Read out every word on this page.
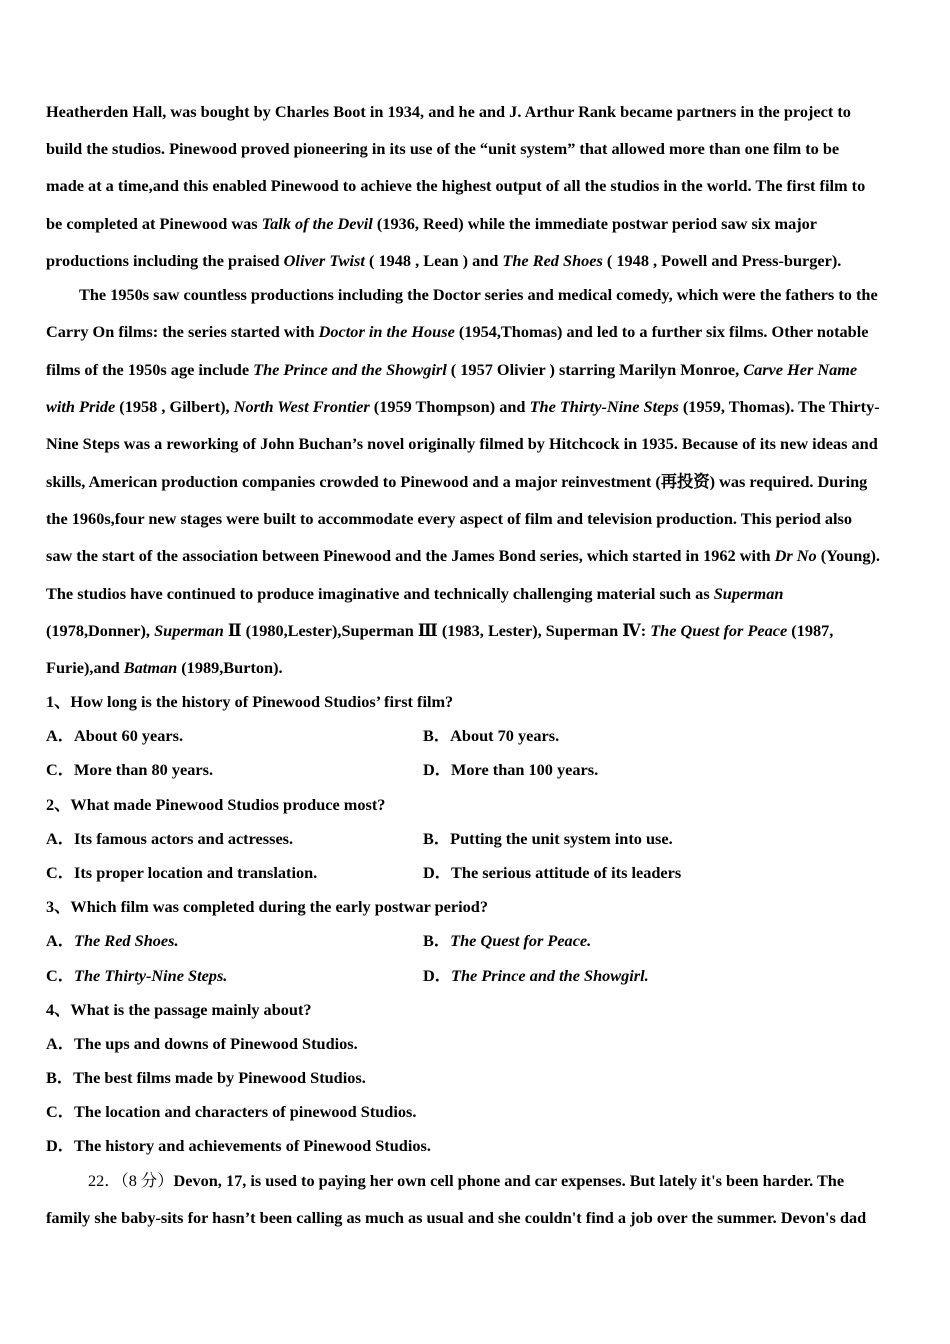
Heatherden Hall, was bought by Charles Boot in 1934, and he and J. Arthur Rank became partners in the project to
build the studios. Pinewood proved pioneering in its use of the “unit system” that allowed more than one film to be
made at a time,and this enabled Pinewood to achieve the highest output of all the studios in the world. The first film to
be completed at Pinewood was Talk of the Devil (1936, Reed) while the immediate postwar period saw six major
productions including the praised Oliver Twist ( 1948 , Lean ) and The Red Shoes ( 1948 , Powell and Press-burger).
The 1950s saw countless productions including the Doctor series and medical comedy, which were the fathers to the
Carry On films: the series started with Doctor in the House (1954,Thomas) and led to a further six films. Other notable
films of the 1950s age include The Prince and the Showgirl ( 1957 Olivier ) starring Marilyn Monroe, Carve Her Name
with Pride (1958 , Gilbert), North West Frontier (1959 Thompson) and The Thirty-Nine Steps (1959, Thomas). The Thirty-
Nine Steps was a reworking of John Buchan’s novel originally filmed by Hitchcock in 1935. Because of its new ideas and
skills, American production companies crowded to Pinewood and a major reinvestment (再投资) was required. During
the 1960s,four new stages were built to accommodate every aspect of film and television production. This period also
saw the start of the association between Pinewood and the James Bond series, which started in 1962 with Dr No (Young).
The studios have continued to produce imaginative and technically challenging material such as Superman
(1978,Donner), Superman Ⅱ (1980,Lester),Superman Ⅲ (1983, Lester), Superman Ⅳ: The Quest for Peace (1987,
Furie),and Batman (1989,Burton).
1、How long is the history of Pinewood Studios’ first film?
A．About 60 years.	B．About 70 years.
C．More than 80 years.	D．More than 100 years.
2、What made Pinewood Studios produce most?
A．Its famous actors and actresses.	B．Putting the unit system into use.
C．Its proper location and translation.	D．The serious attitude of its leaders
3、Which film was completed during the early postwar period?
A．The Red Shoes.	B．The Quest for Peace.
C．The Thirty-Nine Steps.	D．The Prince and the Showgirl.
4、What is the passage mainly about?
A．The ups and downs of Pinewood Studios.
B．The best films made by Pinewood Studios.
C．The location and characters of pinewood Studios.
D．The history and achievements of Pinewood Studios.
22．（8 分）Devon, 17, is used to paying her own cell phone and car expenses. But lately it's been harder. The
family she baby-sits for hasn’t been calling as much as usual and she couldn't find a job over the summer. Devon's dad
